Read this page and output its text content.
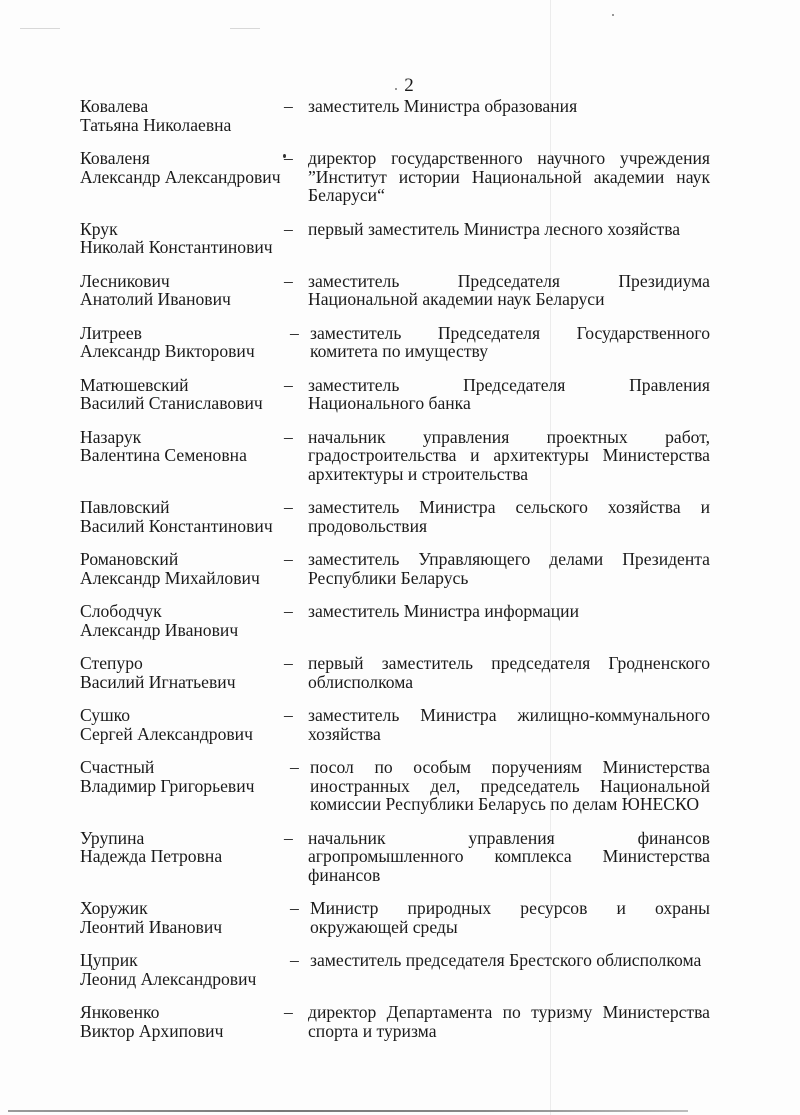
2
Ковалева
Татьяна Николаевна
– заместитель Министра образования
Коваленя
Александр Александрович
– директор государственного научного учреждения ”Институт истории Национальной академии наук Беларуси“
Крук
Николай Константинович
– первый заместитель Министра лесного хозяйства
Лесникович
Анатолий Иванович
– заместитель Председателя Президиума Национальной академии наук Беларуси
Литреев
Александр Викторович
– заместитель Председателя Государственного комитета по имуществу
Матюшевский
Василий Станиславович
– заместитель Председателя Правления Национального банка
Назарук
Валентина Семеновна
– начальник управления проектных работ, градостроительства и архитектуры Министерства архитектуры и строительства
Павловский
Василий Константинович
– заместитель Министра сельского хозяйства и продовольствия
Романовский
Александр Михайлович
– заместитель Управляющего делами Президента Республики Беларусь
Слободчук
Александр Иванович
– заместитель Министра информации
Степуро
Василий Игнатьевич
– первый заместитель председателя Гродненского облисполкома
Сушко
Сергей Александрович
– заместитель Министра жилищно-коммунального хозяйства
Счастный
Владимир Григорьевич
– посол по особым поручениям Министерства иностранных дел, председатель Национальной комиссии Республики Беларусь по делам ЮНЕСКО
Урупина
Надежда Петровна
– начальник управления финансов агропромышленного комплекса Министерства финансов
Хоружик
Леонтий Иванович
– Министр природных ресурсов и охраны окружающей среды
Цуприк
Леонид Александрович
– заместитель председателя Брестского облисполкома
Янковенко
Виктор Архипович
– директор Департамента по туризму Министерства спорта и туризма
